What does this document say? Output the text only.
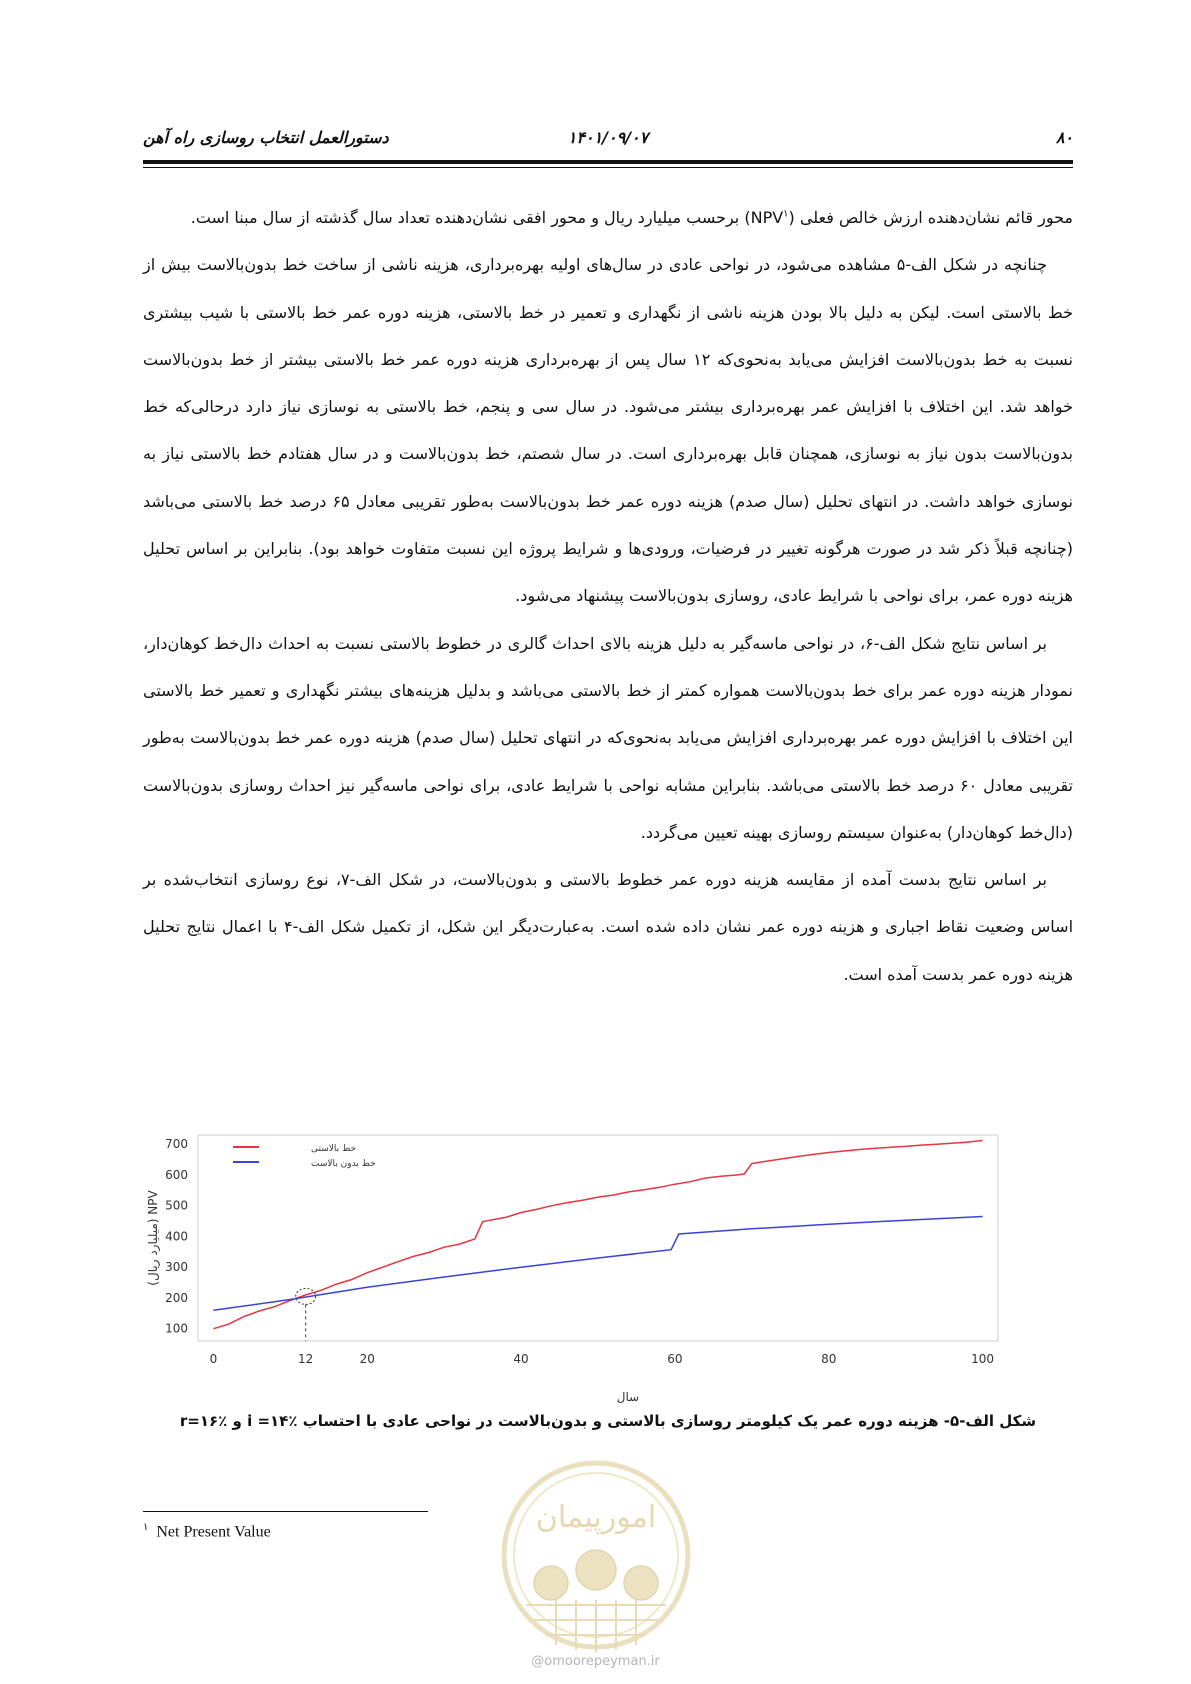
۸۰
۱۴۰۱/۰۹/۰۷
دستورالعمل انتخاب روسازی راه آهن

محور قائم نشان‌دهنده ارزش خالص فعلی (NPV$^۱$) برحسب میلیارد ریال و محور افقی نشان‌دهنده تعداد سال گذشته از سال مبنا است.

چنانچه در شکل الف-۵ مشاهده می‌شود، در نواحی عادی در سال‌های اولیه بهره‌برداری، هزینه ناشی از ساخت خط بدون‌بالاست بیش از خط بالاستی است. لیکن به دلیل بالا بودن هزینه ناشی از نگهداری و تعمیر در خط بالاستی، هزینه دوره عمر خط بالاستی با شیب بیشتری نسبت به خط بدون‌بالاست افزایش می‌یابد به‌نحوی‌که ۱۲ سال پس از بهره‌برداری هزینه دوره عمر خط بالاستی بیشتر از خط بدون‌بالاست خواهد شد. این اختلاف با افزایش عمر بهره‌برداری بیشتر می‌شود. در سال سی و پنجم، خط بالاستی به نوسازی نیاز دارد درحالی‌که خط بدون‌بالاست بدون نیاز به نوسازی، همچنان قابل بهره‌برداری است. در سال شصتم، خط بدون‌بالاست و در سال هفتادم خط بالاستی نیاز به نوسازی خواهد داشت. در انتهای تحلیل (سال صدم) هزینه دوره عمر خط بدون‌بالاست به‌طور تقریبی معادل ۶۵ درصد خط بالاستی می‌باشد (چنانچه قبلاً ذکر شد در صورت هرگونه تغییر در فرضیات، ورودی‌ها و شرایط پروژه این نسبت متفاوت خواهد بود). بنابراین بر اساس تحلیل هزینه دوره عمر، برای نواحی با شرایط عادی، روسازی بدون‌بالاست پیشنهاد می‌شود.

بر اساس نتایج شکل الف-۶، در نواحی ماسه‌گیر به دلیل هزینه بالای احداث گالری در خطوط بالاستی نسبت به احداث دال‌خط کوهان‌دار، نمودار هزینه دوره عمر برای خط بدون‌بالاست همواره کمتر از خط بالاستی می‌باشد و بدلیل هزینه‌های بیشتر نگهداری و تعمیر خط بالاستی این اختلاف با افزایش دوره عمر بهره‌برداری افزایش می‌یابد به‌نحوی‌که در انتهای تحلیل (سال صدم) هزینه دوره عمر خط بدون‌بالاست به‌طور تقریبی معادل ۶۰ درصد خط بالاستی می‌باشد. بنابراین مشابه نواحی با شرایط عادی، برای نواحی ماسه‌گیر نیز احداث روسازی بدون‌بالاست (دال‌خط کوهان‌دار) به‌عنوان سیستم روسازی بهینه تعیین می‌گردد.

بر اساس نتایج بدست آمده از مقایسه هزینه دوره عمر خطوط بالاستی و بدون‌بالاست، در شکل الف-۷، نوع روسازی انتخاب‌شده بر اساس وضعیت نقاط اجباری و هزینه دوره عمر نشان داده شده است. به‌عبارت‌دیگر این شکل، از تکمیل شکل الف-۴ با اعمال نتایج تحلیل هزینه دوره عمر بدست آمده است.

100
200
300
400
500
600
700
0	12	20	40	60	80	100
سال
NPV (میلیارد ریال)
خط بالاستی
خط بدون بالاست
شکل الف-۵- هزینه دوره عمر یک کیلومتر روسازی بالاستی و بدون‌بالاست در نواحی عادی با احتساب i =۱۴٪ و r=۱۶٪
$^۱$ Net Present Value	امورپیمان
@omoorepeyman.ir
